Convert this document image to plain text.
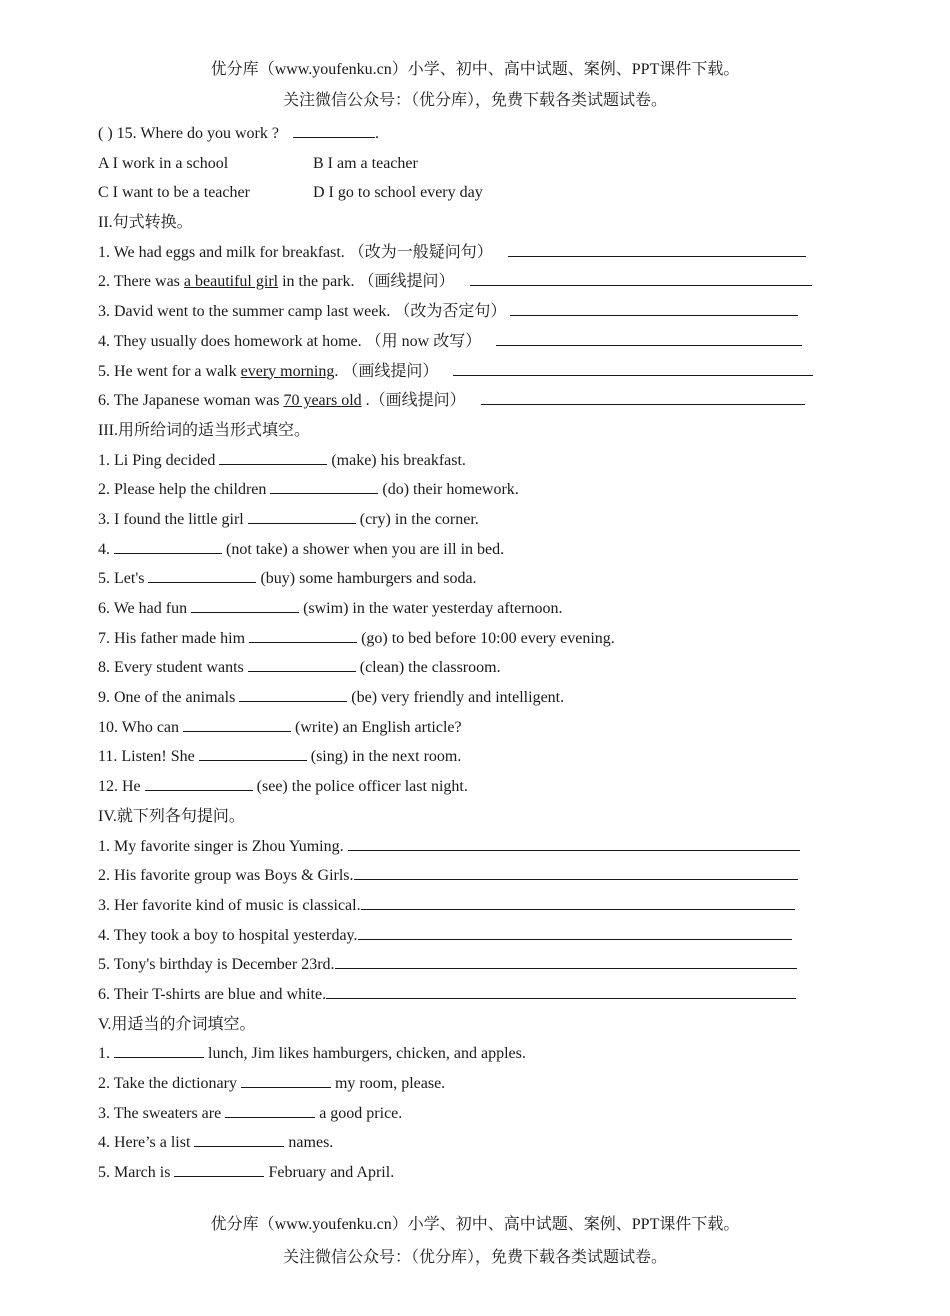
优分库（www.youfenku.cn）小学、初中、高中试题、案例、PPT课件下载。
关注微信公众号：（优分库），免费下载各类试题试卷。
( ) 15. Where do you work ?	.
A I work in a school	B I am a teacher
C I want to be a teacher	D I go to school every day
II.句式转换。
1. We had eggs and milk for breakfast. （改为一般疑问句）
2. There was a beautiful girl in the park. （画线提问）
3. David went to the summer camp last week. （改为否定句）
4. They usually does homework at home. （用 now 改写）
5. He went for a walk every morning. （画线提问）
6. The Japanese woman was 70 years old .（画线提问）
III.用所给词的适当形式填空。
1. Li Ping decided	(make) his breakfast.
2. Please help the children	(do) their homework.
3. I found the little girl	(cry) in the corner.
4.	(not take) a shower when you are ill in bed.
5. Let's	(buy) some hamburgers and soda.
6. We had fun	(swim) in the water yesterday afternoon.
7. His father made him	(go) to bed before 10:00 every evening.
8. Every student wants	(clean) the classroom.
9. One of the animals	(be) very friendly and intelligent.
10. Who can	(write) an English article?
11. Listen! She	(sing) in the next room.
12. He	(see) the police officer last night.
IV.就下列各句提问。
1. My favorite singer is Zhou Yuming.
2. His favorite group was Boys & Girls.
3. Her favorite kind of music is classical.
4. They took a boy to hospital yesterday.
5. Tony's birthday is December 23rd.
6. Their T-shirts are blue and white.
V.用适当的介词填空。
1.	lunch, Jim likes hamburgers, chicken, and apples.
2. Take the dictionary	my room, please.
3. The sweaters are	a good price.
4. Here’s a list	names.
5. March is	February and April.
优分库（www.youfenku.cn）小学、初中、高中试题、案例、PPT课件下载。
关注微信公众号：（优分库），免费下载各类试题试卷。
